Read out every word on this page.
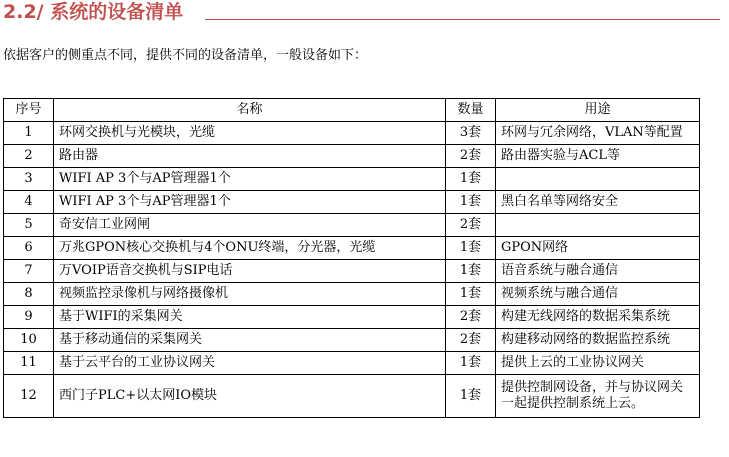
2.2/ 系统的设备清单
依据客户的侧重点不同，提供不同的设备清单，一般设备如下：
序号	名称	数量	用途
1	环网交换机与光模块，光缆	3套	环网与冗余网络，VLAN等配置
2	路由器	2套	路由器实验与ACL等
3	WIFI AP 3个与AP管理器1个	1套	
4	WIFI AP 3个与AP管理器1个	1套	黑白名单等网络安全
5	奇安信工业网闸	2套	
6	万兆GPON核心交换机与4个ONU终端，分光器，光缆	1套	GPON网络
7	万VOIP语音交换机与SIP电话	1套	语音系统与融合通信
8	视频监控录像机与网络摄像机	1套	视频系统与融合通信
9	基于WIFI的采集网关	2套	构建无线网络的数据采集系统
10	基于移动通信的采集网关	2套	构建移动网络的数据监控系统
11	基于云平台的工业协议网关	1套	提供上云的工业协议网关
12	西门子PLC+以太网IO模块	1套	提供控制网设备，并与协议网关一起提供控制系统上云。
